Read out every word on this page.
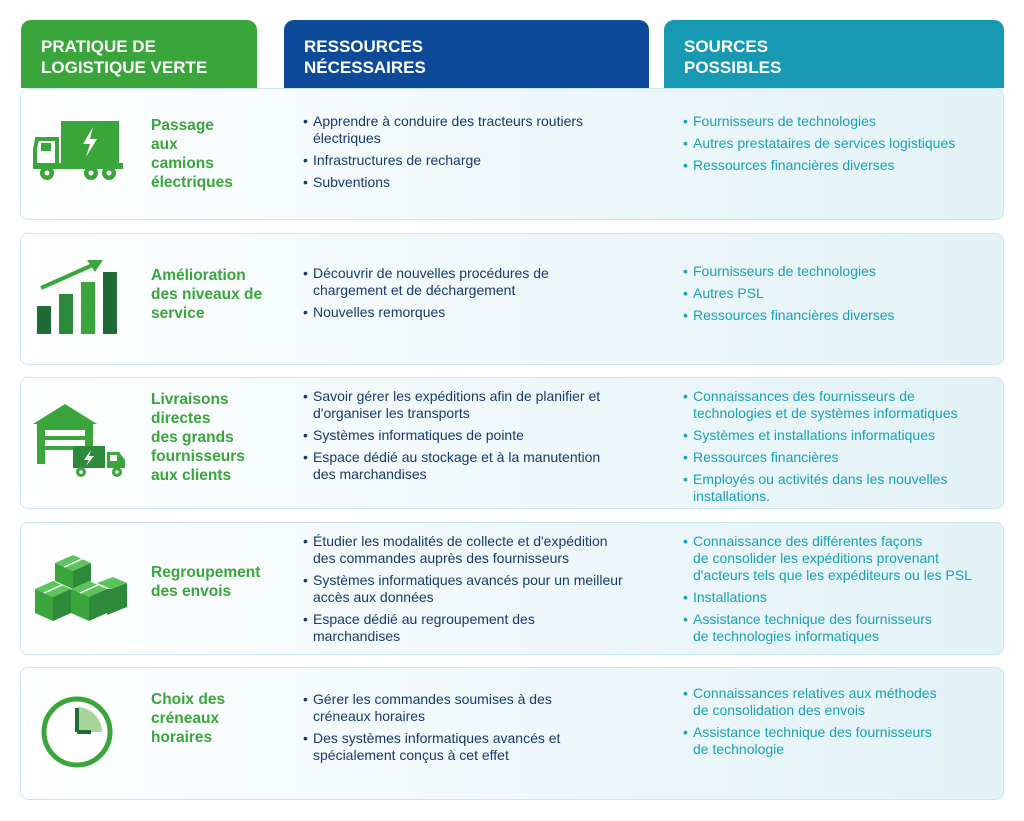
PRATIQUE DE
LOGISTIQUE VERTE
RESSOURCES
NÉCESSAIRES
SOURCES
POSSIBLES
Passage
aux
camions
électriques
• Apprendre à conduire des tracteurs routiers
électriques
• Infrastructures de recharge
• Subventions
• Fournisseurs de technologies
• Autres prestataires de services logistiques
• Ressources financières diverses
Amélioration
des niveaux de
service
• Découvrir de nouvelles procédures de
chargement et de déchargement
• Nouvelles remorques
• Fournisseurs de technologies
• Autres PSL
• Ressources financières diverses
Livraisons
directes
des grands
fournisseurs
aux clients
• Savoir gérer les expéditions afin de planifier et
d'organiser les transports
• Systèmes informatiques de pointe
• Espace dédié au stockage et à la manutention
des marchandises
• Connaissances des fournisseurs de
technologies et de systèmes informatiques
• Systèmes et installations informatiques
• Ressources financières
• Employés ou activités dans les nouvelles
installations.
Regroupement
des envois
• Étudier les modalités de collecte et d'expédition
des commandes auprès des fournisseurs
• Systèmes informatiques avancés pour un meilleur
accès aux données
• Espace dédié au regroupement des
marchandises
• Connaissance des différentes façons
de consolider les expéditions provenant
d'acteurs tels que les expéditeurs ou les PSL
• Installations
• Assistance technique des fournisseurs
de technologies informatiques
Choix des
créneaux
horaires
• Gérer les commandes soumises à des
créneaux horaires
• Des systèmes informatiques avancés et
spécialement conçus à cet effet
• Connaissances relatives aux méthodes
de consolidation des envois
• Assistance technique des fournisseurs
de technologie
